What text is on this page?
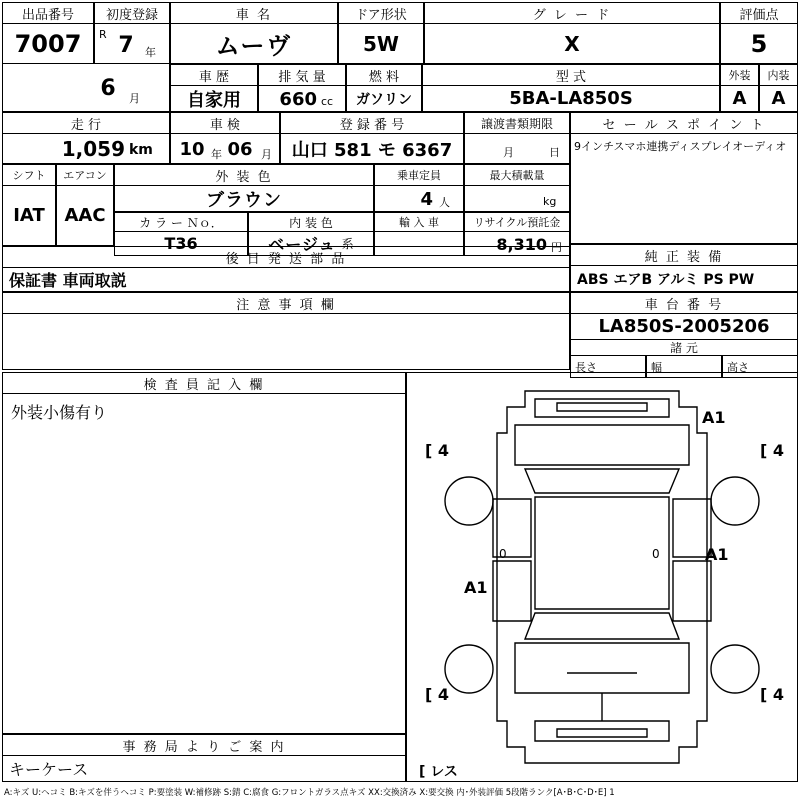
出品番号
7007
初度登録
R 7	年
車 名
ムーヴ
ドア形状
5W
グ レ ー ド
X
評価点
5
車 歴
自家用
排 気 量
660 cc
燃 料
ガソリン
型 式
5BA-LA850S
外装	内装
A	A
6	月
走 行
1,059 km
車 検
10 年 06 月
登 録 番 号
山口 581 モ 6367
譲渡書類期限
月	日
セ ー ル ス ポ イ ン ト
9インチスマホ連携ディスプレイオーディオ
シフト	エアコン
IAT	AAC
外 装 色
ブラウン
カ ラ ー Ｎｏ．
T36
内 装 色
ベージュ 系
乗車定員
4 人
輸 入 車
最大積載量
kg
リサイクル預託金
8,310 円
後 日 発 送 部 品
保証書 車両取説
純 正 装 備
ABS エアB アルミ PS PW
注 意 事 項 欄	車 台 番 号
LA850S-2005206
諸 元
長さ	幅	高さ
検 査 員 記 入 欄
外装小傷有り
事 務 局 よ り ご 案 内
キーケース
A1
[ 4	[ 4
A1
A1
[ 4	[ 4
[ レス
0	0
A:キズ U:ヘコミ B:キズを伴うヘコミ P:要塗装 W:補修跡 S:錆 C:腐食 G:フロントガラス点キズ XX:交換済み X:要交換 内･外装評価 5段階ランク[A･B･C･D･E] 1
